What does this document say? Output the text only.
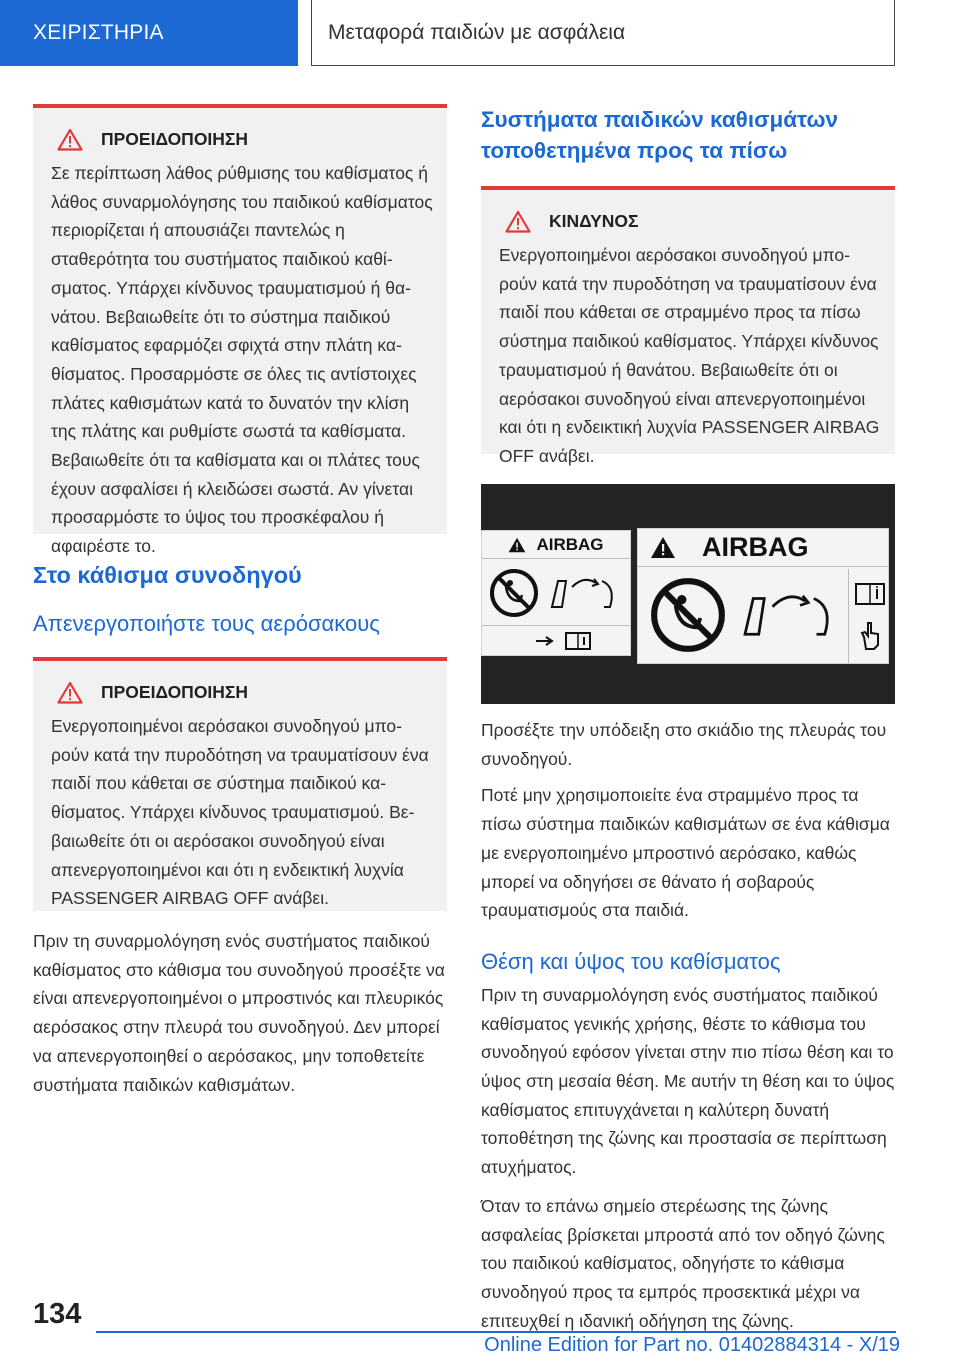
ΧΕΙΡΙΣΤΗΡΙΑ	Μεταφορά παιδιών με ασφάλεια
ΠΡΟΕΙΔΟΠΟΙΗΣΗ
Σε περίπτωση λάθος ρύθμισης του καθίσματος ή λάθος συναρμολόγησης του παιδικού καθίσματος περιορίζεται ή απουσιάζει παντελώς η σταθερότητα του συστήματος παιδικού καθίσματος. Υπάρχει κίνδυνος τραυματισμού ή θανάτου. Βεβαιωθείτε ότι το σύστημα παιδικού καθίσματος εφαρμόζει σφιχτά στην πλάτη καθίσματος. Προσαρμόστε σε όλες τις αντίστοιχες πλάτες καθισμάτων κατά το δυνατόν την κλίση της πλάτης και ρυθμίστε σωστά τα καθίσματα. Βεβαιωθείτε ότι τα καθίσματα και οι πλάτες τους έχουν ασφαλίσει ή κλειδώσει σωστά. Αν γίνεται προσαρμόστε το ύψος του προσκέφαλου ή αφαιρέστε το.
Στο κάθισμα συνοδηγού
Απενεργοποιήστε τους αερόσακους
ΠΡΟΕΙΔΟΠΟΙΗΣΗ
Ενεργοποιημένοι αερόσακοι συνοδηγού μπορούν κατά την πυροδότηση να τραυματίσουν ένα παιδί που κάθεται σε σύστημα παιδικού καθίσματος. Υπάρχει κίνδυνος τραυματισμού. Βεβαιωθείτε ότι οι αερόσακοι συνοδηγού είναι απενεργοποιημένοι και ότι η ενδεικτική λυχνία PASSENGER AIRBAG OFF ανάβει.
Πριν τη συναρμολόγηση ενός συστήματος παιδικού καθίσματος στο κάθισμα του συνοδηγού προσέξτε να είναι απενεργοποιημένοι ο μπροστινός και πλευρικός αερόσακος στην πλευρά του συνοδηγού. Δεν μπορεί να απενεργοποιηθεί ο αερόσακος, μην τοποθετείτε συστήματα παιδικών καθισμάτων.
Συστήματα παιδικών καθισμάτων τοποθετημένα προς τα πίσω
ΚΙΝΔΥΝΟΣ
Ενεργοποιημένοι αερόσακοι συνοδηγού μπορούν κατά την πυροδότηση να τραυματίσουν ένα παιδί που κάθεται σε στραμμένο προς τα πίσω σύστημα παιδικού καθίσματος. Υπάρχει κίνδυνος τραυματισμού ή θανάτου. Βεβαιωθείτε ότι οι αερόσακοι συνοδηγού είναι απενεργοποιημένοι και ότι η ενδεικτική λυχνία PASSENGER AIRBAG OFF ανάβει.
AIRBAG	AIRBAG
Προσέξτε την υπόδειξη στο σκιάδιο της πλευράς του συνοδηγού.
Ποτέ μην χρησιμοποιείτε ένα στραμμένο προς τα πίσω σύστημα παιδικών καθισμάτων σε ένα κάθισμα με ενεργοποιημένο μπροστινό αερόσακο, καθώς μπορεί να οδηγήσει σε θάνατο ή σοβαρούς τραυματισμούς στα παιδιά.
Θέση και ύψος του καθίσματος
Πριν τη συναρμολόγηση ενός συστήματος παιδικού καθίσματος γενικής χρήσης, θέστε το κάθισμα του συνοδηγού εφόσον γίνεται στην πιο πίσω θέση και το ύψος στη μεσαία θέση. Με αυτήν τη θέση και το ύψος καθίσματος επιτυγχάνεται η καλύτερη δυνατή τοποθέτηση της ζώνης και προστασία σε περίπτωση ατυχήματος.
Όταν το επάνω σημείο στερέωσης της ζώνης ασφαλείας βρίσκεται μπροστά από τον οδηγό ζώνης του παιδικού καθίσματος, οδηγήστε το κάθισμα συνοδηγού προς τα εμπρός προσεκτικά μέχρι να επιτευχθεί η ιδανική οδήγηση της ζώνης.
134
Online Edition for Part no. 01402884314 - X/19
